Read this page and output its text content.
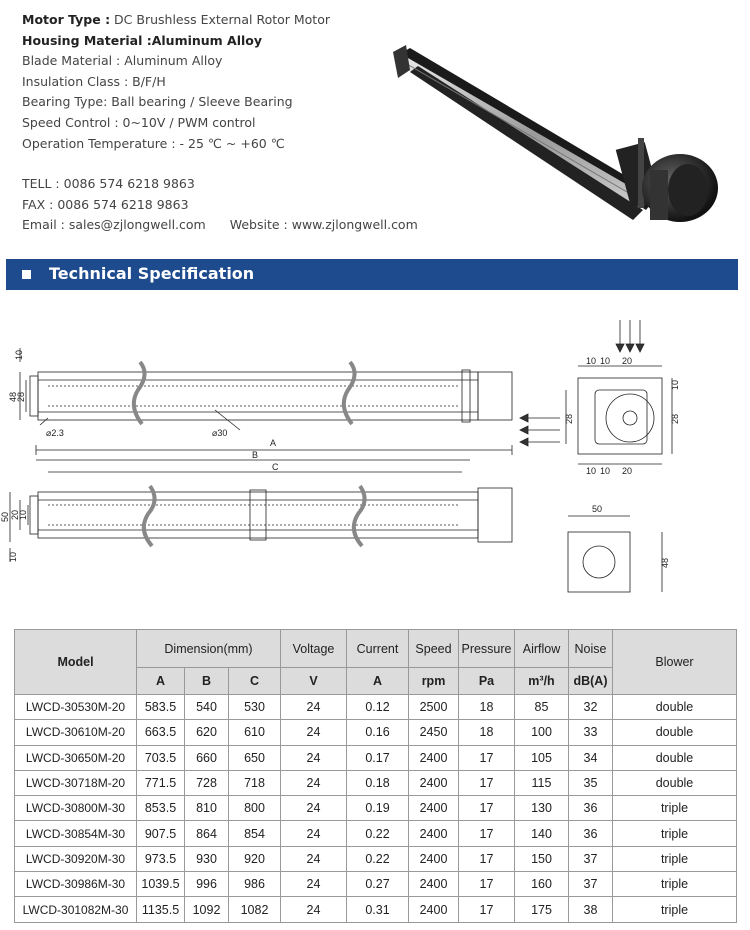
Motor Type : DC Brushless External Rotor Motor
Housing Material :Aluminum Alloy
Blade Material : Aluminum Alloy
Insulation Class : B/F/H
Bearing Type: Ball bearing / Sleeve Bearing
Speed Control : 0~10V / PWM control
Operation Temperature : - 25 ℃ ~ +60 ℃
TELL : 0086 574 6218 9863
FAX : 0086 574 6218 9863
Email : sales@zjlongwell.com Website : www.zjlongwell.com
Technical Specification
10
48
28
⌀2.3	⌀30
A
B
C
50 20
10
10
10 10 20
10
28
28
10 10 20
50
48
Model	Dimension(mm)			Voltage	Current	Speed	Pressure	Airflow	Noise	Blower
	A	B	C	V	A	rpm	Pa	m³/h	dB(A)	
LWCD-30530M-20	583.5	540	530	24	0.12	2500	18	85	32	double
LWCD-30610M-20	663.5	620	610	24	0.16	2450	18	100	33	double
LWCD-30650M-20	703.5	660	650	24	0.17	2400	17	105	34	double
LWCD-30718M-20	771.5	728	718	24	0.18	2400	17	115	35	double
LWCD-30800M-30	853.5	810	800	24	0.19	2400	17	130	36	triple
LWCD-30854M-30	907.5	864	854	24	0.22	2400	17	140	36	triple
LWCD-30920M-30	973.5	930	920	24	0.22	2400	17	150	37	triple
LWCD-30986M-30	1039.5	996	986	24	0.27	2400	17	160	37	triple
LWCD-301082M-30	1135.5	1092	1082	24	0.31	2400	17	175	38	triple
